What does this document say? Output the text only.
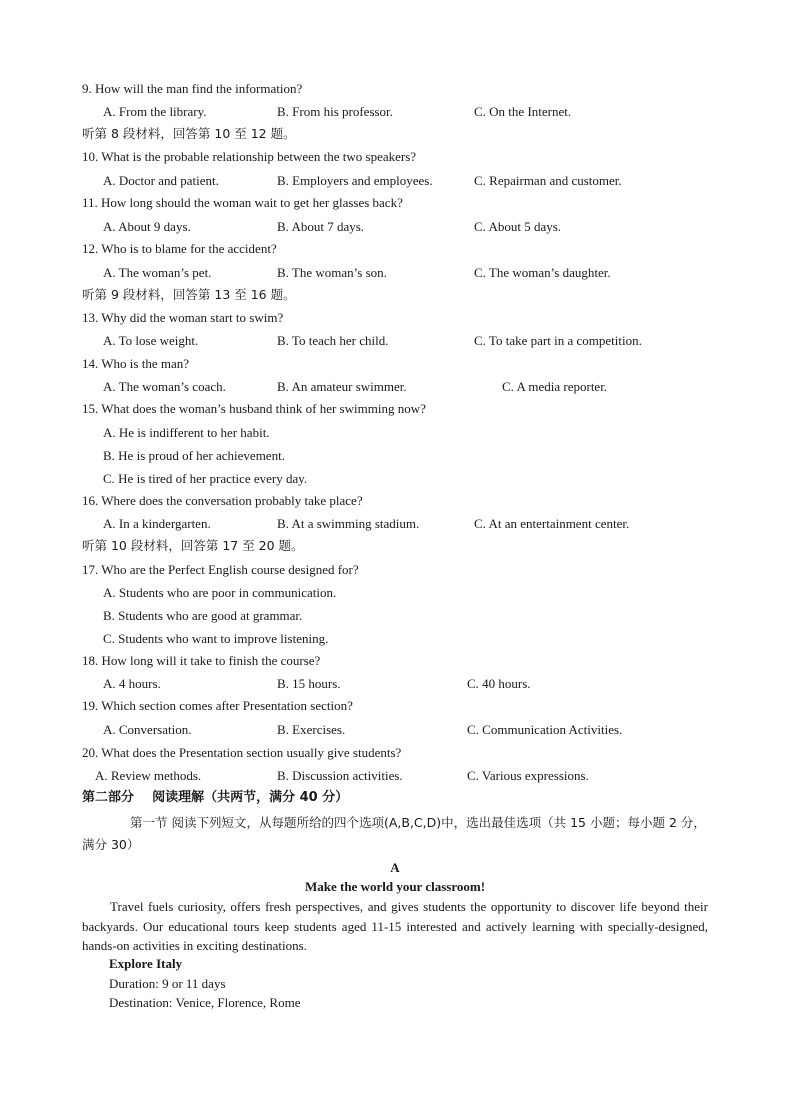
9. How will the man find the information?
A. From the library.	B. From his professor.	C. On the Internet.
听第 8 段材料，回答第 10 至 12 题。
10. What is the probable relationship between the two speakers?
A. Doctor and patient.	B. Employers and employees.	C. Repairman and customer.
11. How long should the woman wait to get her glasses back?
A. About 9 days.	B. About 7 days.	C. About 5 days.
12. Who is to blame for the accident?
A. The woman’s pet.	B. The woman’s son.	C. The woman’s daughter.
听第 9 段材料，回答第 13 至 16 题。
13. Why did the woman start to swim?
A. To lose weight.	B. To teach her child.	C. To take part in a competition.
14. Who is the man?
A. The woman’s coach.	B. An amateur swimmer.	C. A media reporter.
15. What does the woman’s husband think of her swimming now?
A. He is indifferent to her habit.
B. He is proud of her achievement.
C. He is tired of her practice every day.
16. Where does the conversation probably take place?
A. In a kindergarten.	B. At a swimming stadium.	C. At an entertainment center.
听第 10 段材料，回答第 17 至 20 题。
17. Who are the Perfect English course designed for?
A. Students who are poor in communication.
B. Students who are good at grammar.
C. Students who want to improve listening.
18. How long will it take to finish the course?
A. 4 hours.	B. 15 hours.	C. 40 hours.
19. Which section comes after Presentation section?
A. Conversation.	B. Exercises.	C. Communication Activities.
20. What does the Presentation section usually give students?
A. Review methods.	B. Discussion activities.	C. Various expressions.
第二部分    阅读理解（共两节，满分 40 分）
第一节 阅读下列短文，从每题所给的四个选项(A,B,C,D)中，选出最佳选项（共 15 小题；每小题 2 分，满分 30）
A
Make the world your classroom!
Travel fuels curiosity, offers fresh perspectives, and gives students the opportunity to discover life beyond their backyards. Our educational tours keep students aged 11-15 interested and actively learning with specially-designed, hands-on activities in exciting destinations.
Explore Italy
Duration: 9 or 11 days
Destination: Venice, Florence, Rome
